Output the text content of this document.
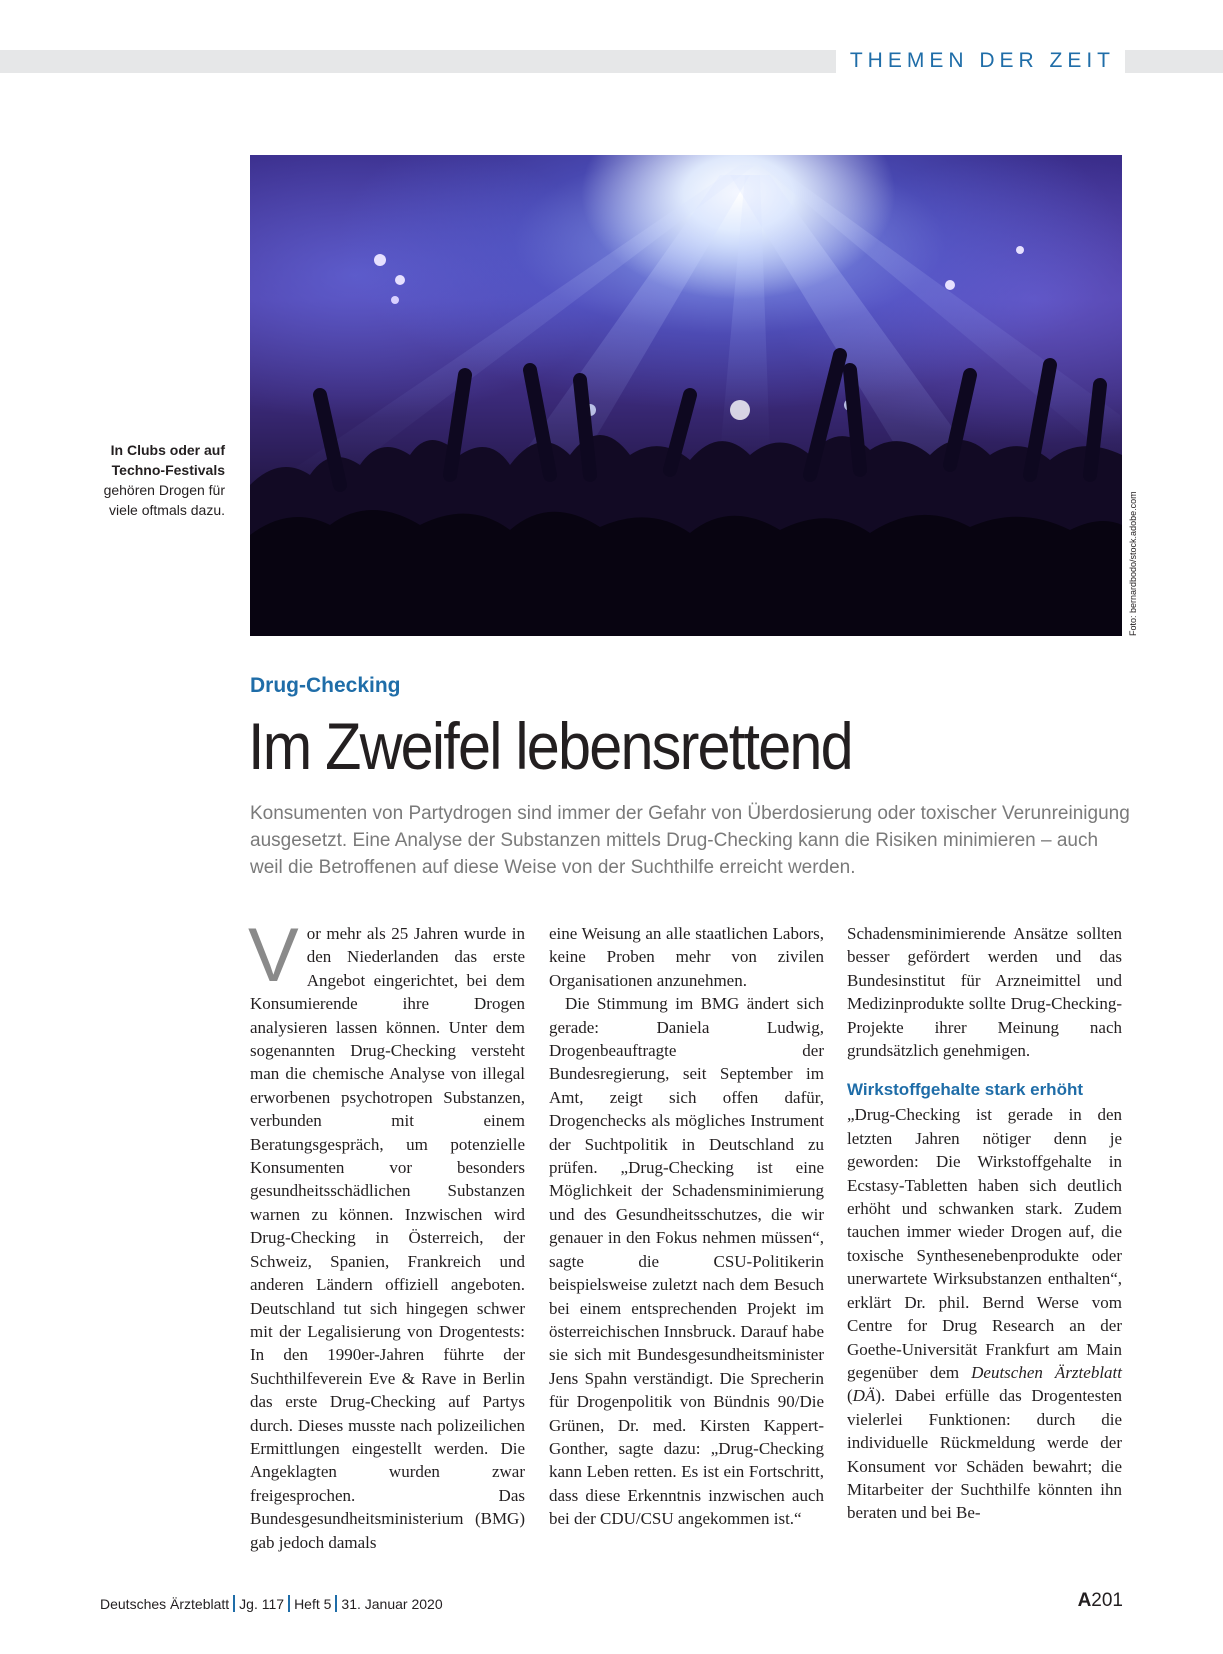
THEMEN DER ZEIT
In Clubs oder auf
Techno-Festivals
gehören Drogen für
viele oftmals dazu.	Foto: bernardbodo/stock.adobe.com
Drug-Checking
Im Zweifel lebensrettend
Konsumenten von Partydrogen sind immer der Gefahr von Überdosierung oder toxischer Verunreinigung ausgesetzt. Eine Analyse der Substanzen mittels Drug-Checking kann die Risiken minimieren – auch weil die Betroffenen auf diese Weise von der Suchthilfe erreicht werden.
V or mehr als 25 Jahren wurde in den Niederlanden das erste Angebot eingerichtet, bei dem Konsumierende ihre Drogen analysieren lassen können. Unter dem sogenannten Drug-Checking versteht man die chemische Analyse von illegal erworbenen psychotropen Substanzen, verbunden mit einem Beratungsgespräch, um potenzielle Konsumenten vor besonders gesundheitsschädlichen Substanzen warnen zu können. Inzwischen wird Drug-Checking in Österreich, der Schweiz, Spanien, Frankreich und anderen Ländern offiziell angeboten. Deutschland tut sich hingegen schwer mit der Legalisierung von Drogentests: In den 1990er-Jahren führte der Suchthilfeverein Eve & Rave in Berlin das erste Drug-Checking auf Partys durch. Dieses musste nach polizeilichen Ermittlungen eingestellt werden. Die Angeklagten wurden zwar freigesprochen. Das Bundesgesundheitsministerium (BMG) gab jedoch damals

eine Weisung an alle staatlichen Labors, keine Proben mehr von zivilen Organisationen anzunehmen.

Die Stimmung im BMG ändert sich gerade: Daniela Ludwig, Drogenbeauftragte der Bundesregierung, seit September im Amt, zeigt sich offen dafür, Drogenchecks als mögliches Instrument der Suchtpolitik in Deutschland zu prüfen. „Drug-Checking ist eine Möglichkeit der Schadensminimierung und des Gesundheitsschutzes, die wir genauer in den Fokus nehmen müssen“, sagte die CSU-Politikerin beispielsweise zuletzt nach dem Besuch bei einem entsprechenden Projekt im österreichischen Innsbruck. Darauf habe sie sich mit Bundesgesundheitsminister Jens Spahn verständigt. Die Sprecherin für Drogenpolitik von Bündnis 90/Die Grünen, Dr. med. Kirsten Kappert-Gonther, sagte dazu: „Drug-Checking kann Leben retten. Es ist ein Fortschritt, dass diese Erkenntnis inzwischen auch bei der CDU/CSU angekommen ist.“

Schadensminimierende Ansätze sollten besser gefördert werden und das Bundesinstitut für Arzneimittel und Medizinprodukte sollte Drug-Checking-Projekte ihrer Meinung nach grundsätzlich genehmigen.

Wirkstoffgehalte stark erhöht

„Drug-Checking ist gerade in den letzten Jahren nötiger denn je geworden: Die Wirkstoffgehalte in Ecstasy-Tabletten haben sich deutlich erhöht und schwanken stark. Zudem tauchen immer wieder Drogen auf, die toxische Synthesenebenprodukte oder unerwartete Wirksubstanzen enthalten“, erklärt Dr. phil. Bernd Werse vom Centre for Drug Research an der Goethe-Universität Frankfurt am Main gegenüber dem Deutschen Ärzteblatt (DÄ). Dabei erfülle das Drogentesten vielerlei Funktionen: durch die individuelle Rückmeldung werde der Konsument vor Schäden bewahrt; die Mitarbeiter der Suchthilfe könnten ihn beraten und bei Be-

Deutsches Ärzteblatt Jg. 117 Heft 5 31. Januar 2020	A201
